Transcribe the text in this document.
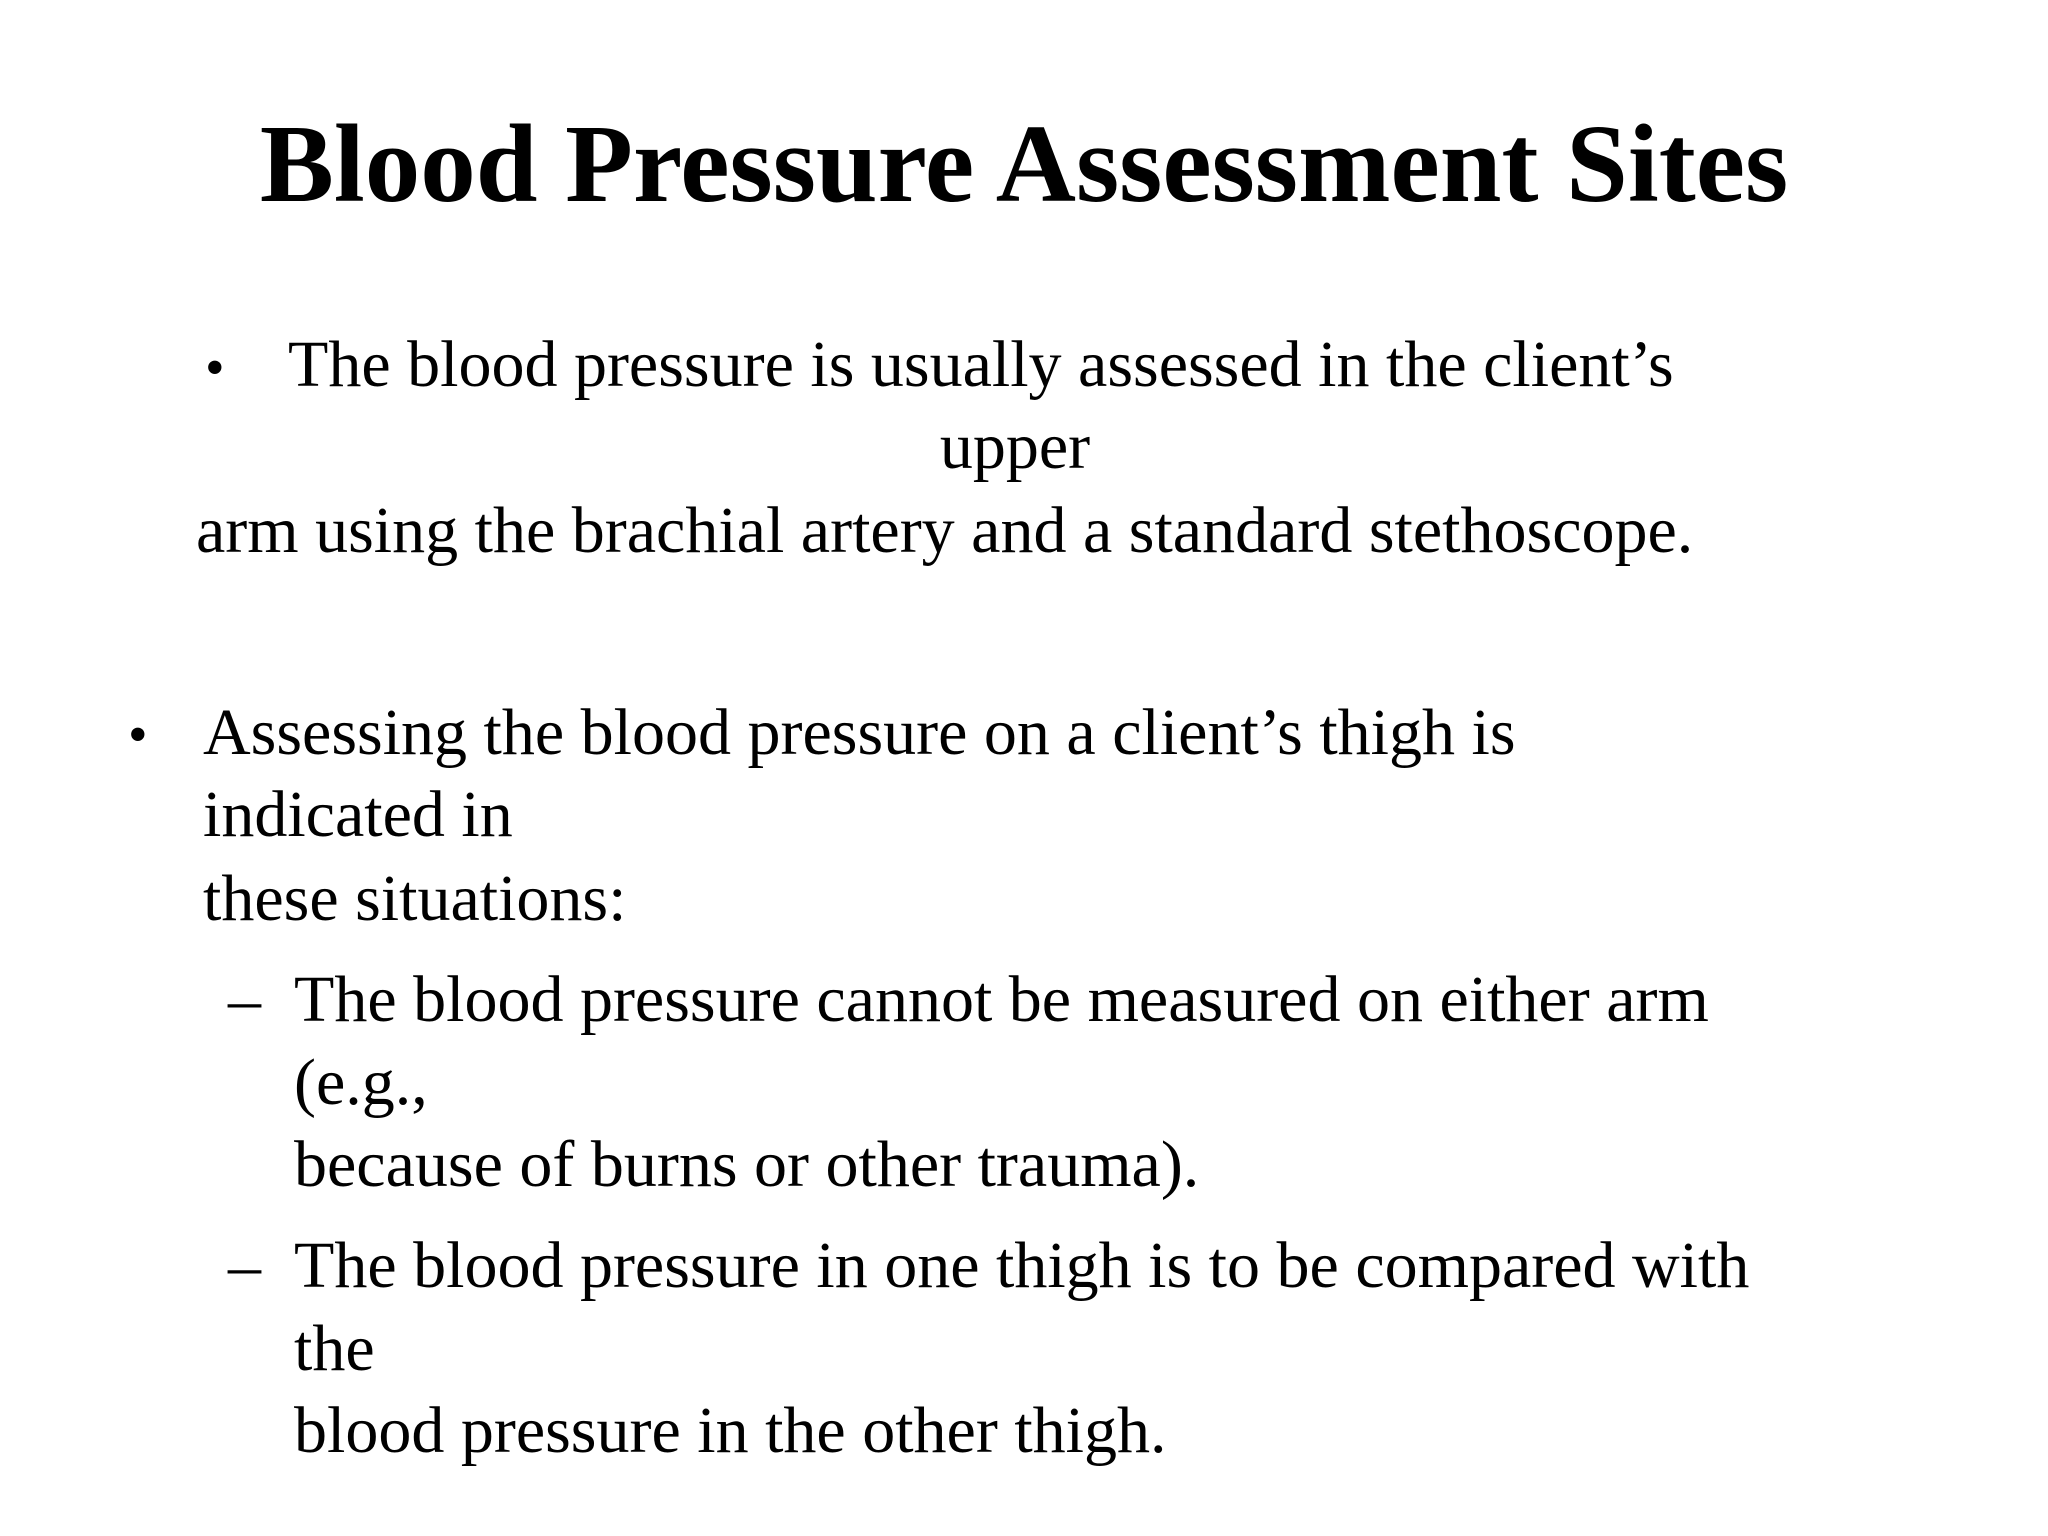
Blood Pressure Assessment Sites
• The blood pressure is usually assessed in the client’s
upper
arm using the brachial artery and a standard stethoscope.
• Assessing the blood pressure on a client’s thigh is
indicated in
these situations:
– The blood pressure cannot be measured on either arm
(e.g.,
because of burns or other trauma).
– The blood pressure in one thigh is to be compared with
the
blood pressure in the other thigh.
